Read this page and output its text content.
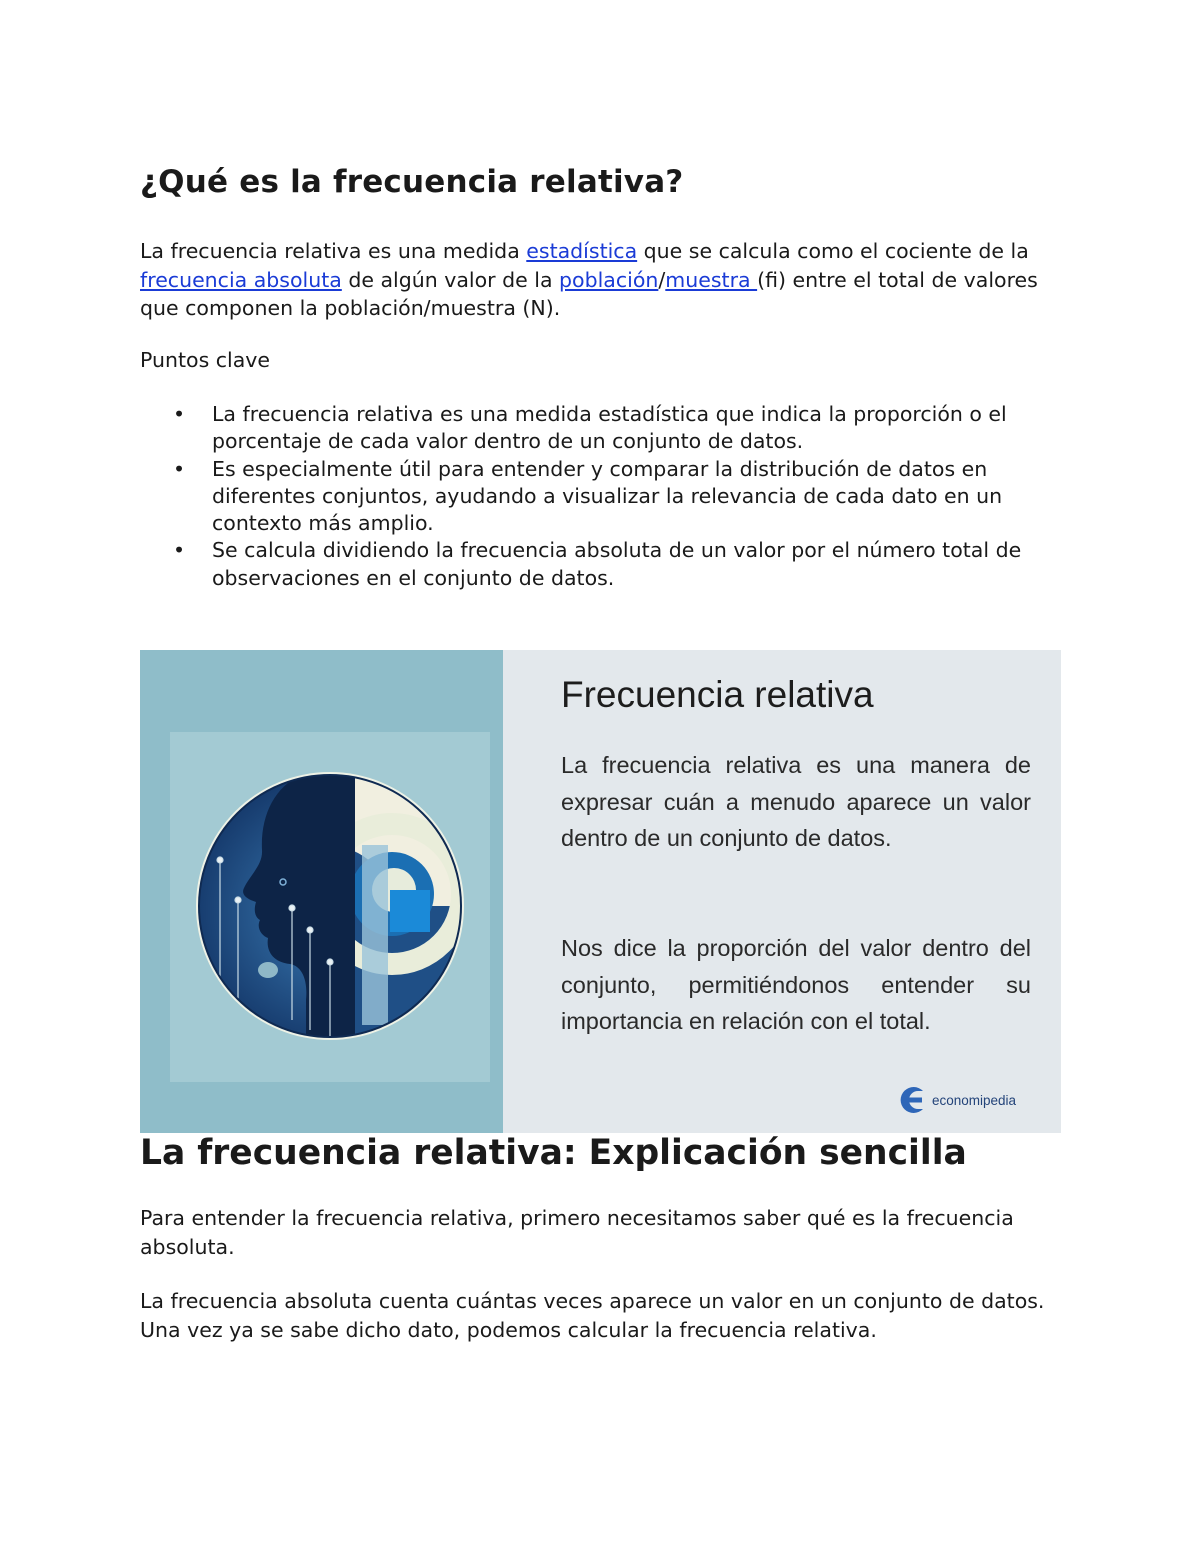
¿Qué es la frecuencia relativa?

La frecuencia relativa es una medida estadística que se calcula como el cociente de la frecuencia absoluta de algún valor de la población/muestra (fi) entre el total de valores que componen la población/muestra (N).

Puntos clave

• La frecuencia relativa es una medida estadística que indica la proporción o el porcentaje de cada valor dentro de un conjunto de datos.
• Es especialmente útil para entender y comparar la distribución de datos en diferentes conjuntos, ayudando a visualizar la relevancia de cada dato en un contexto más amplio.
• Se calcula dividiendo la frecuencia absoluta de un valor por el número total de observaciones en el conjunto de datos.
Frecuencia relativa

La frecuencia relativa es una manera de expresar cuán a menudo aparece un valor dentro de un conjunto de datos.

Nos dice la proporción del valor dentro del conjunto, permitiéndonos entender su importancia en relación con el total.

economipedia
La frecuencia relativa: Explicación sencilla

Para entender la frecuencia relativa, primero necesitamos saber qué es la frecuencia absoluta.

La frecuencia absoluta cuenta cuántas veces aparece un valor en un conjunto de datos. Una vez ya se sabe dicho dato, podemos calcular la frecuencia relativa.
